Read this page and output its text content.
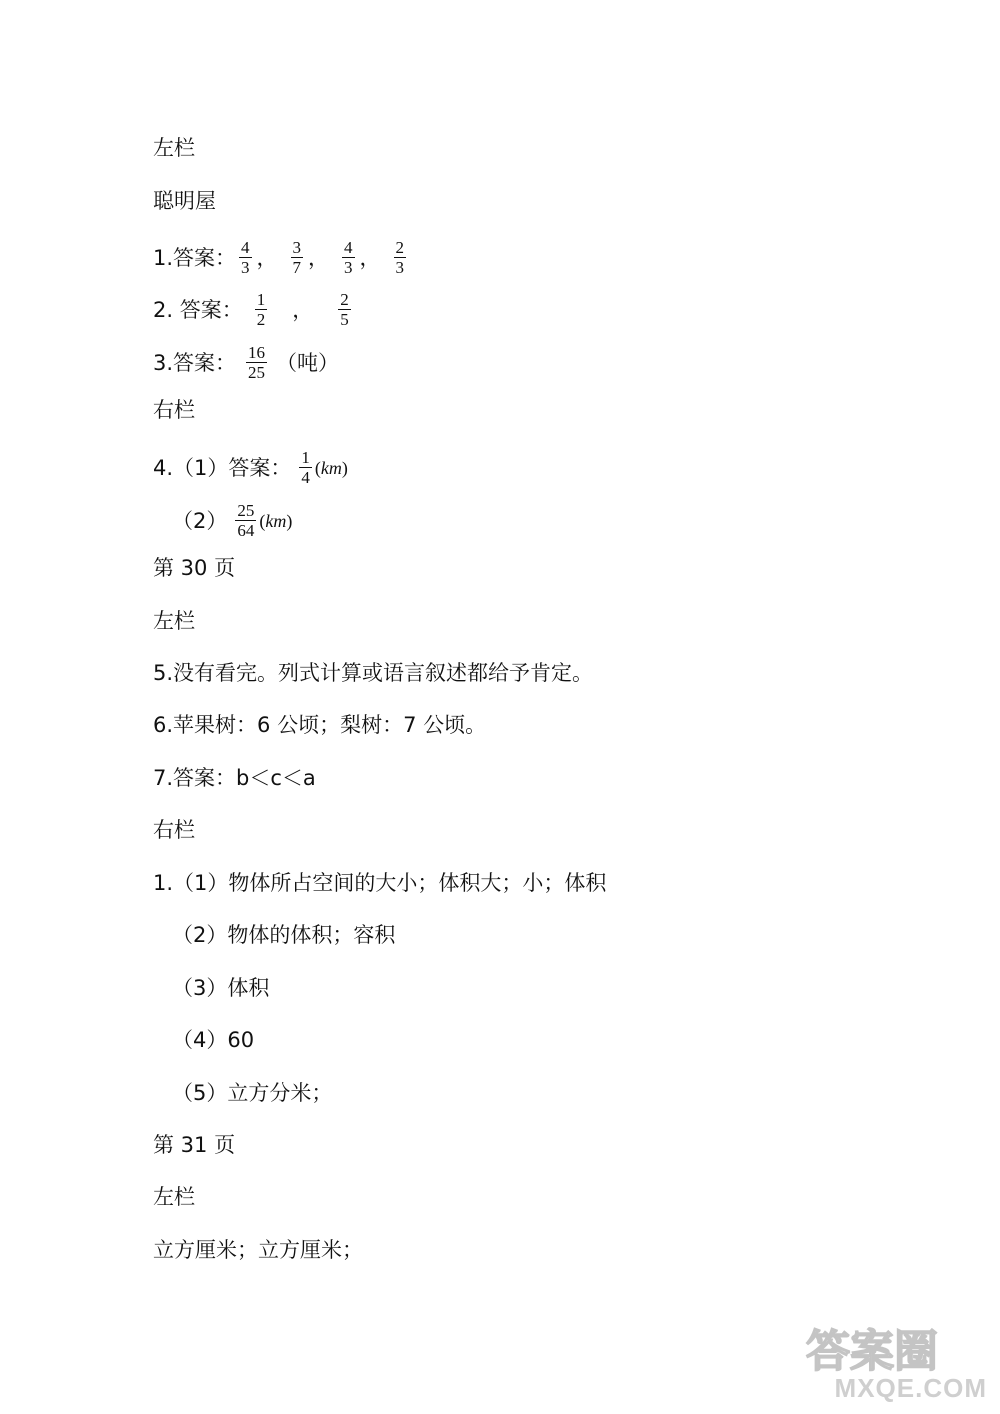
左栏
聪明屋
1.答案： $\frac{4}{3}$ ， $\frac{3}{7}$ ， $\frac{4}{3}$ ， $\frac{2}{3}$
2. 答案： $\frac{1}{2}$ ， $\frac{2}{5}$
3.答案： $\frac{16}{25}$ （吨）
右栏
4.（1）答案： $\frac{1}{4} (km)$
$(2) \frac{25}{64} (km)$
第 30 页
左栏
5.没有看完。列式计算或语言叙述都给予肯定。
6.苹果树：6 公顷；梨树：7 公顷。
7.答案：b＜c＜a
右栏
1.（1）物体所占空间的大小；体积大；小；体积
（2）物体的体积；容积
（3）体积
（4）60
（5）立方分米；
第 31 页
左栏
立方厘米；立方厘米；
答案圈
MXQE.COM
